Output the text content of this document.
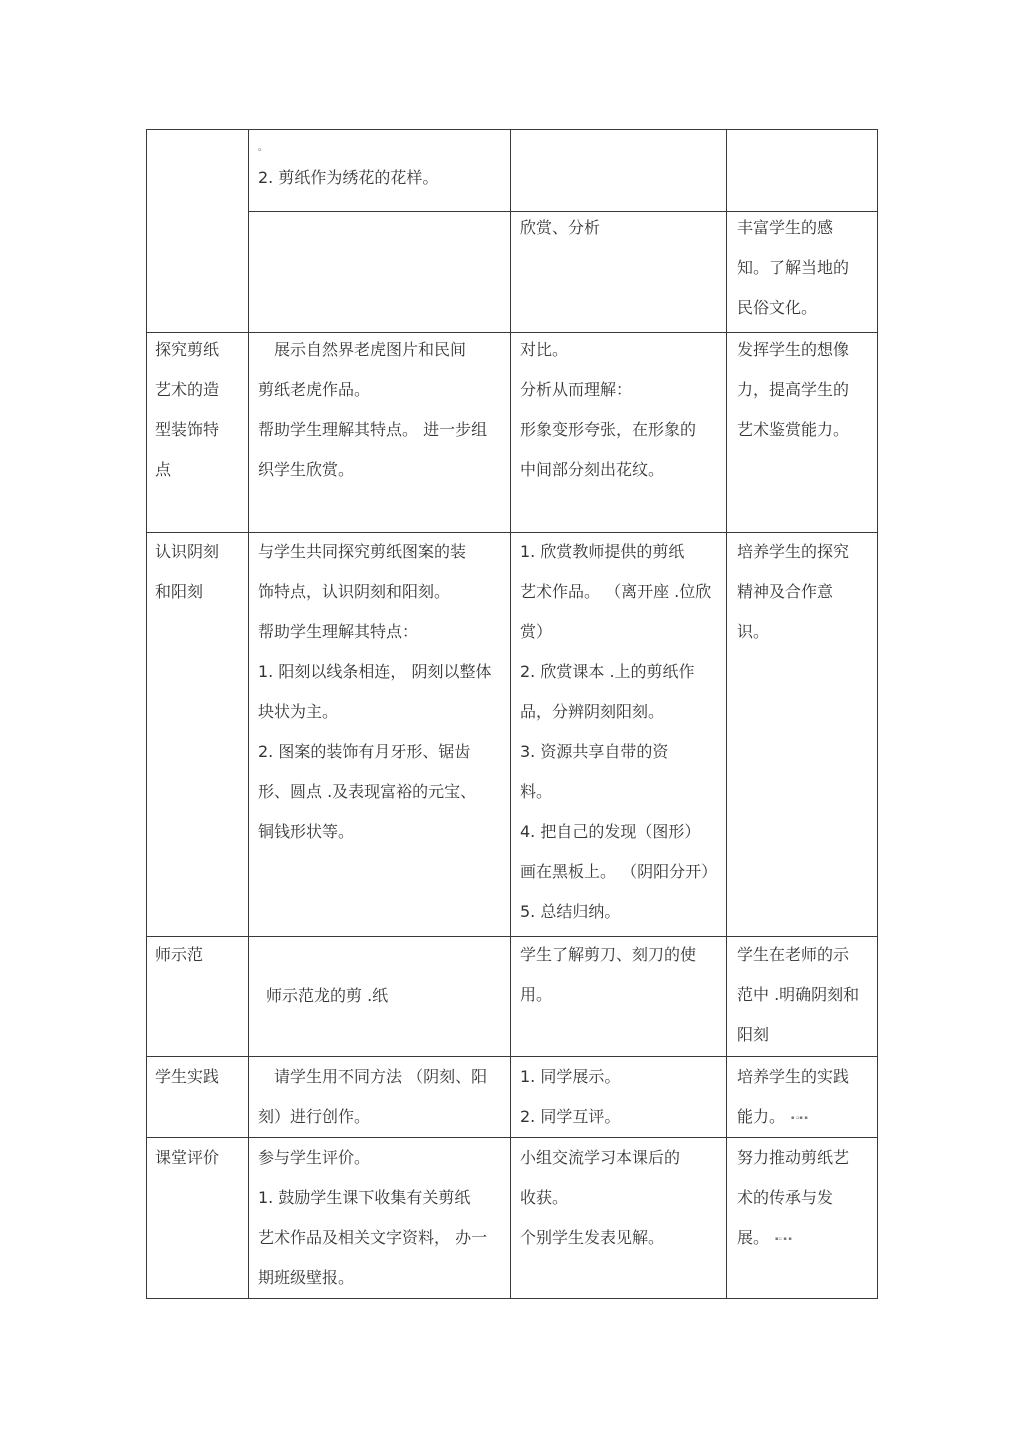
。

2. 剪纸作为绣花的花样。

欣赏、分析	丰富学生的感

知。了解当地的

民俗文化。

探究剪纸

艺术的造

型装饰特

点

展示自然界老虎图片和民间

剪纸老虎作品。

帮助学生理解其特点。 进一步组

织学生欣赏。

对比。

分析从而理解：

形象变形夸张，在形象的

中间部分刻出花纹。

发挥学生的想像

力，提高学生的

艺术鉴赏能力。

认识阴刻

和阳刻

与学生共同探究剪纸图案的装

饰特点，认识阴刻和阳刻。

帮助学生理解其特点：

1. 阳刻以线条相连， 阴刻以整体

块状为主。

2. 图案的装饰有月牙形、锯齿

形、圆点 .及表现富裕的元宝、

铜钱形状等。

1. 欣赏教师提供的剪纸

艺术作品。 （离开座 .位欣

赏）

2. 欣赏课本 .上的剪纸作

品，分辨阴刻阳刻。

3. 资源共享自带的资

料。

4. 把自己的发现（图形）

画在黑板上。 （阴阳分开）

5. 总结归纳。

培养学生的探究

精神及合作意

识。

师示范

师示范龙的剪 .纸

学生了解剪刀、刻刀的使

用。

学生在老师的示

范中 .明确阴刻和

阳刻

学生实践	请学生用不同方法 （阴刻、阳

刻）进行创作。

1. 同学展示。

2. 同学互评。

培养学生的实践

能力。 ▪ ▫▪ ▪

课堂评价 参与学生评价。

1. 鼓励学生课下收集有关剪纸

艺术作品及相关文字资料， 办一

期班级壁报。

小组交流学习本课后的

收获。

个别学生发表见解。

努力推动剪纸艺

术的传承与发

展。 ▪▫ ▪ ▪
